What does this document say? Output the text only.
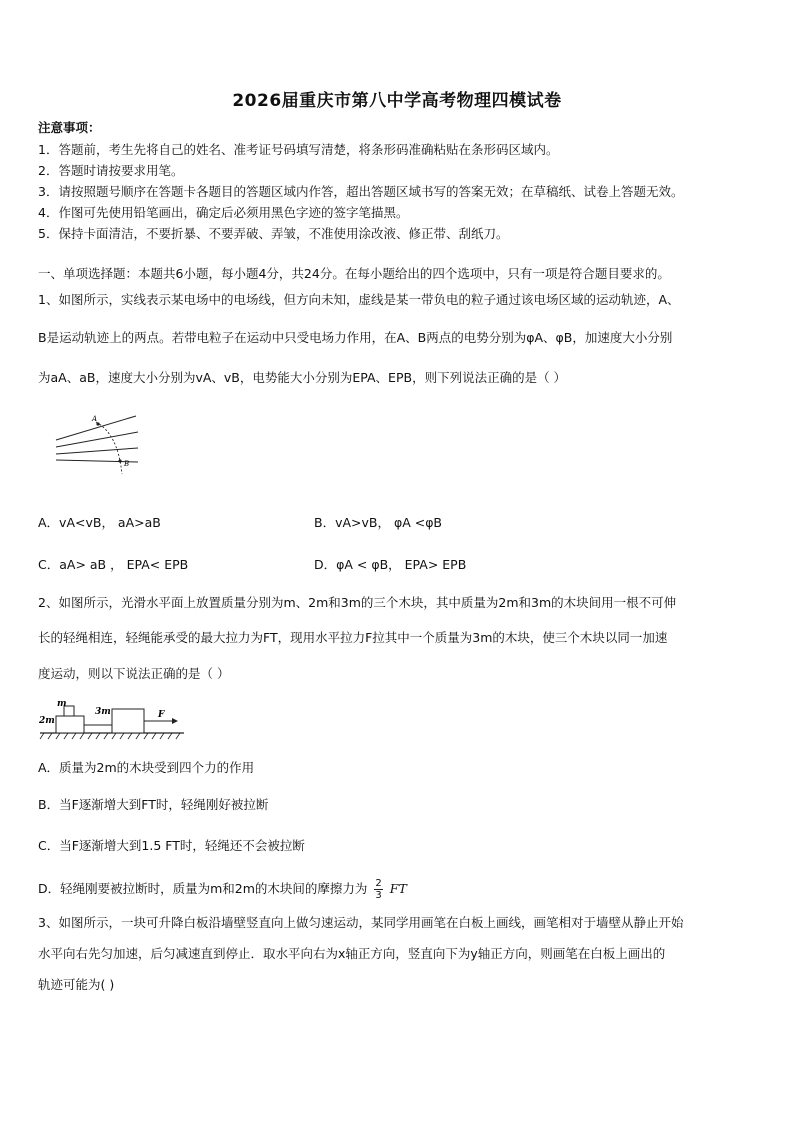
2026届重庆市第八中学高考物理四模试卷
注意事项：
1．答题前，考生先将自己的姓名、准考证号码填写清楚，将条形码准确粘贴在条形码区域内。
2．答题时请按要求用笔。
3．请按照题号顺序在答题卡各题目的答题区域内作答，超出答题区域书写的答案无效；在草稿纸、试卷上答题无效。
4．作图可先使用铅笔画出，确定后必须用黑色字迹的签字笔描黑。
5．保持卡面清洁，不要折暴、不要弄破、弄皱，不准使用涂改液、修正带、刮纸刀。
一、单项选择题：本题共6小题，每小题4分，共24分。在每小题给出的四个选项中，只有一项是符合题目要求的。
1、如图所示，实线表示某电场中的电场线，但方向未知，虚线是某一带负电的粒子通过该电场区域的运动轨迹，A、
B是运动轨迹上的两点。若带电粒子在运动中只受电场力作用，在A、B两点的电势分别为φA、φB，加速度大小分别
为aA、aB，速度大小分别为vA、vB，电势能大小分别为EPA、EPB，则下列说法正确的是（ ）
A
B
A．vA<vB， aA>aB	B．vA>vB， φA <φB
C．aA> aB ， EPA< EPB	D．φA < φB， EPA> EPB
2、如图所示，光滑水平面上放置质量分别为m、2m和3m的三个木块，其中质量为2m和3m的木块间用一根不可伸
长的轻绳相连，轻绳能承受的最大拉力为FT，现用水平拉力F拉其中一个质量为3m的木块，使三个木块以同一加速
度运动，则以下说法正确的是（ ）
m
2m
3m	F
A．质量为2m的木块受到四个力的作用
B．当F逐渐增大到FT时，轻绳刚好被拉断
C．当F逐渐增大到1.5 FT时，轻绳还不会被拉断
D．轻绳刚要被拉断时，质量为m和2m的木块间的摩擦力为 $\frac{2}{3}$ FT
3、如图所示，一块可升降白板沿墙壁竖直向上做匀速运动，某同学用画笔在白板上画线，画笔相对于墙壁从静止开始
水平向右先匀加速，后匀减速直到停止．取水平向右为x轴正方向，竖直向下为y轴正方向，则画笔在白板上画出的
轨迹可能为( )
